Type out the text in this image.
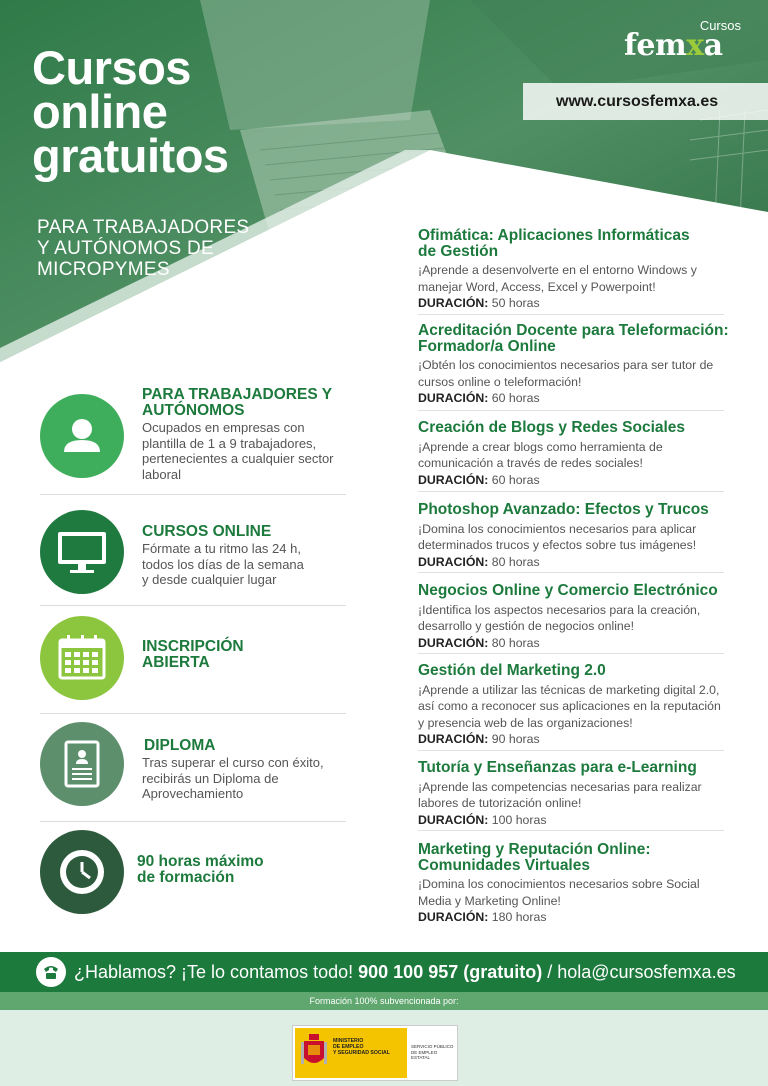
Cursos
online
gratuitos
PARA TRABAJADORES
Y AUTÓNOMOS DE
MICROPYMES
Cursos
femxa
www.cursosfemxa.es
PARA TRABAJADORES Y
AUTÓNOMOS
Ocupados en empresas con
plantilla de 1 a 9 trabajadores,
pertenecientes a cualquier sector
laboral
CURSOS ONLINE
Fórmate a tu ritmo las 24 h,
todos los días de la semana
y desde cualquier lugar
INSCRIPCIÓN
ABIERTA
DIPLOMA
Tras superar el curso con éxito,
recibirás un Diploma de
Aprovechamiento
90 horas máximo
de formación
Ofimática: Aplicaciones Informáticas
de Gestión
¡Aprende a desenvolverte en el entorno Windows y
manejar Word, Access, Excel y Powerpoint!
DURACIÓN: 50 horas
Acreditación Docente para Teleformación:
Formador/a Online
¡Obtén los conocimientos necesarios para ser tutor de
cursos online o teleformación!
DURACIÓN: 60 horas
Creación de Blogs y Redes Sociales
¡Aprende a crear blogs como herramienta de
comunicación a través de redes sociales!
DURACIÓN: 60 horas
Photoshop Avanzado: Efectos y Trucos
¡Domina los conocimientos necesarios para aplicar
determinados trucos y efectos sobre tus imágenes!
DURACIÓN: 80 horas
Negocios Online y Comercio Electrónico
¡Identifica los aspectos necesarios para la creación,
desarrollo y gestión de negocios online!
DURACIÓN: 80 horas
Gestión del Marketing 2.0
¡Aprende a utilizar las técnicas de marketing digital 2.0,
así como a reconocer sus aplicaciones en la reputación
y presencia web de las organizaciones!
DURACIÓN: 90 horas
Tutoría y Enseñanzas para e-Learning
¡Aprende las competencias necesarias para realizar
labores de tutorización online!
DURACIÓN: 100 horas
Marketing y Reputación Online:
Comunidades Virtuales
¡Domina los conocimientos necesarios sobre Social
Media y Marketing Online!
DURACIÓN: 180 horas
¿Hablamos? ¡Te lo contamos todo! 900 100 957 (gratuito) / hola@cursosfemxa.es
Formación 100% subvencionada por:
MINISTERIO
DE EMPLEO
Y SEGURIDAD SOCIAL
SERVICIO PÚBLICO
DE EMPLEO ESTATAL
